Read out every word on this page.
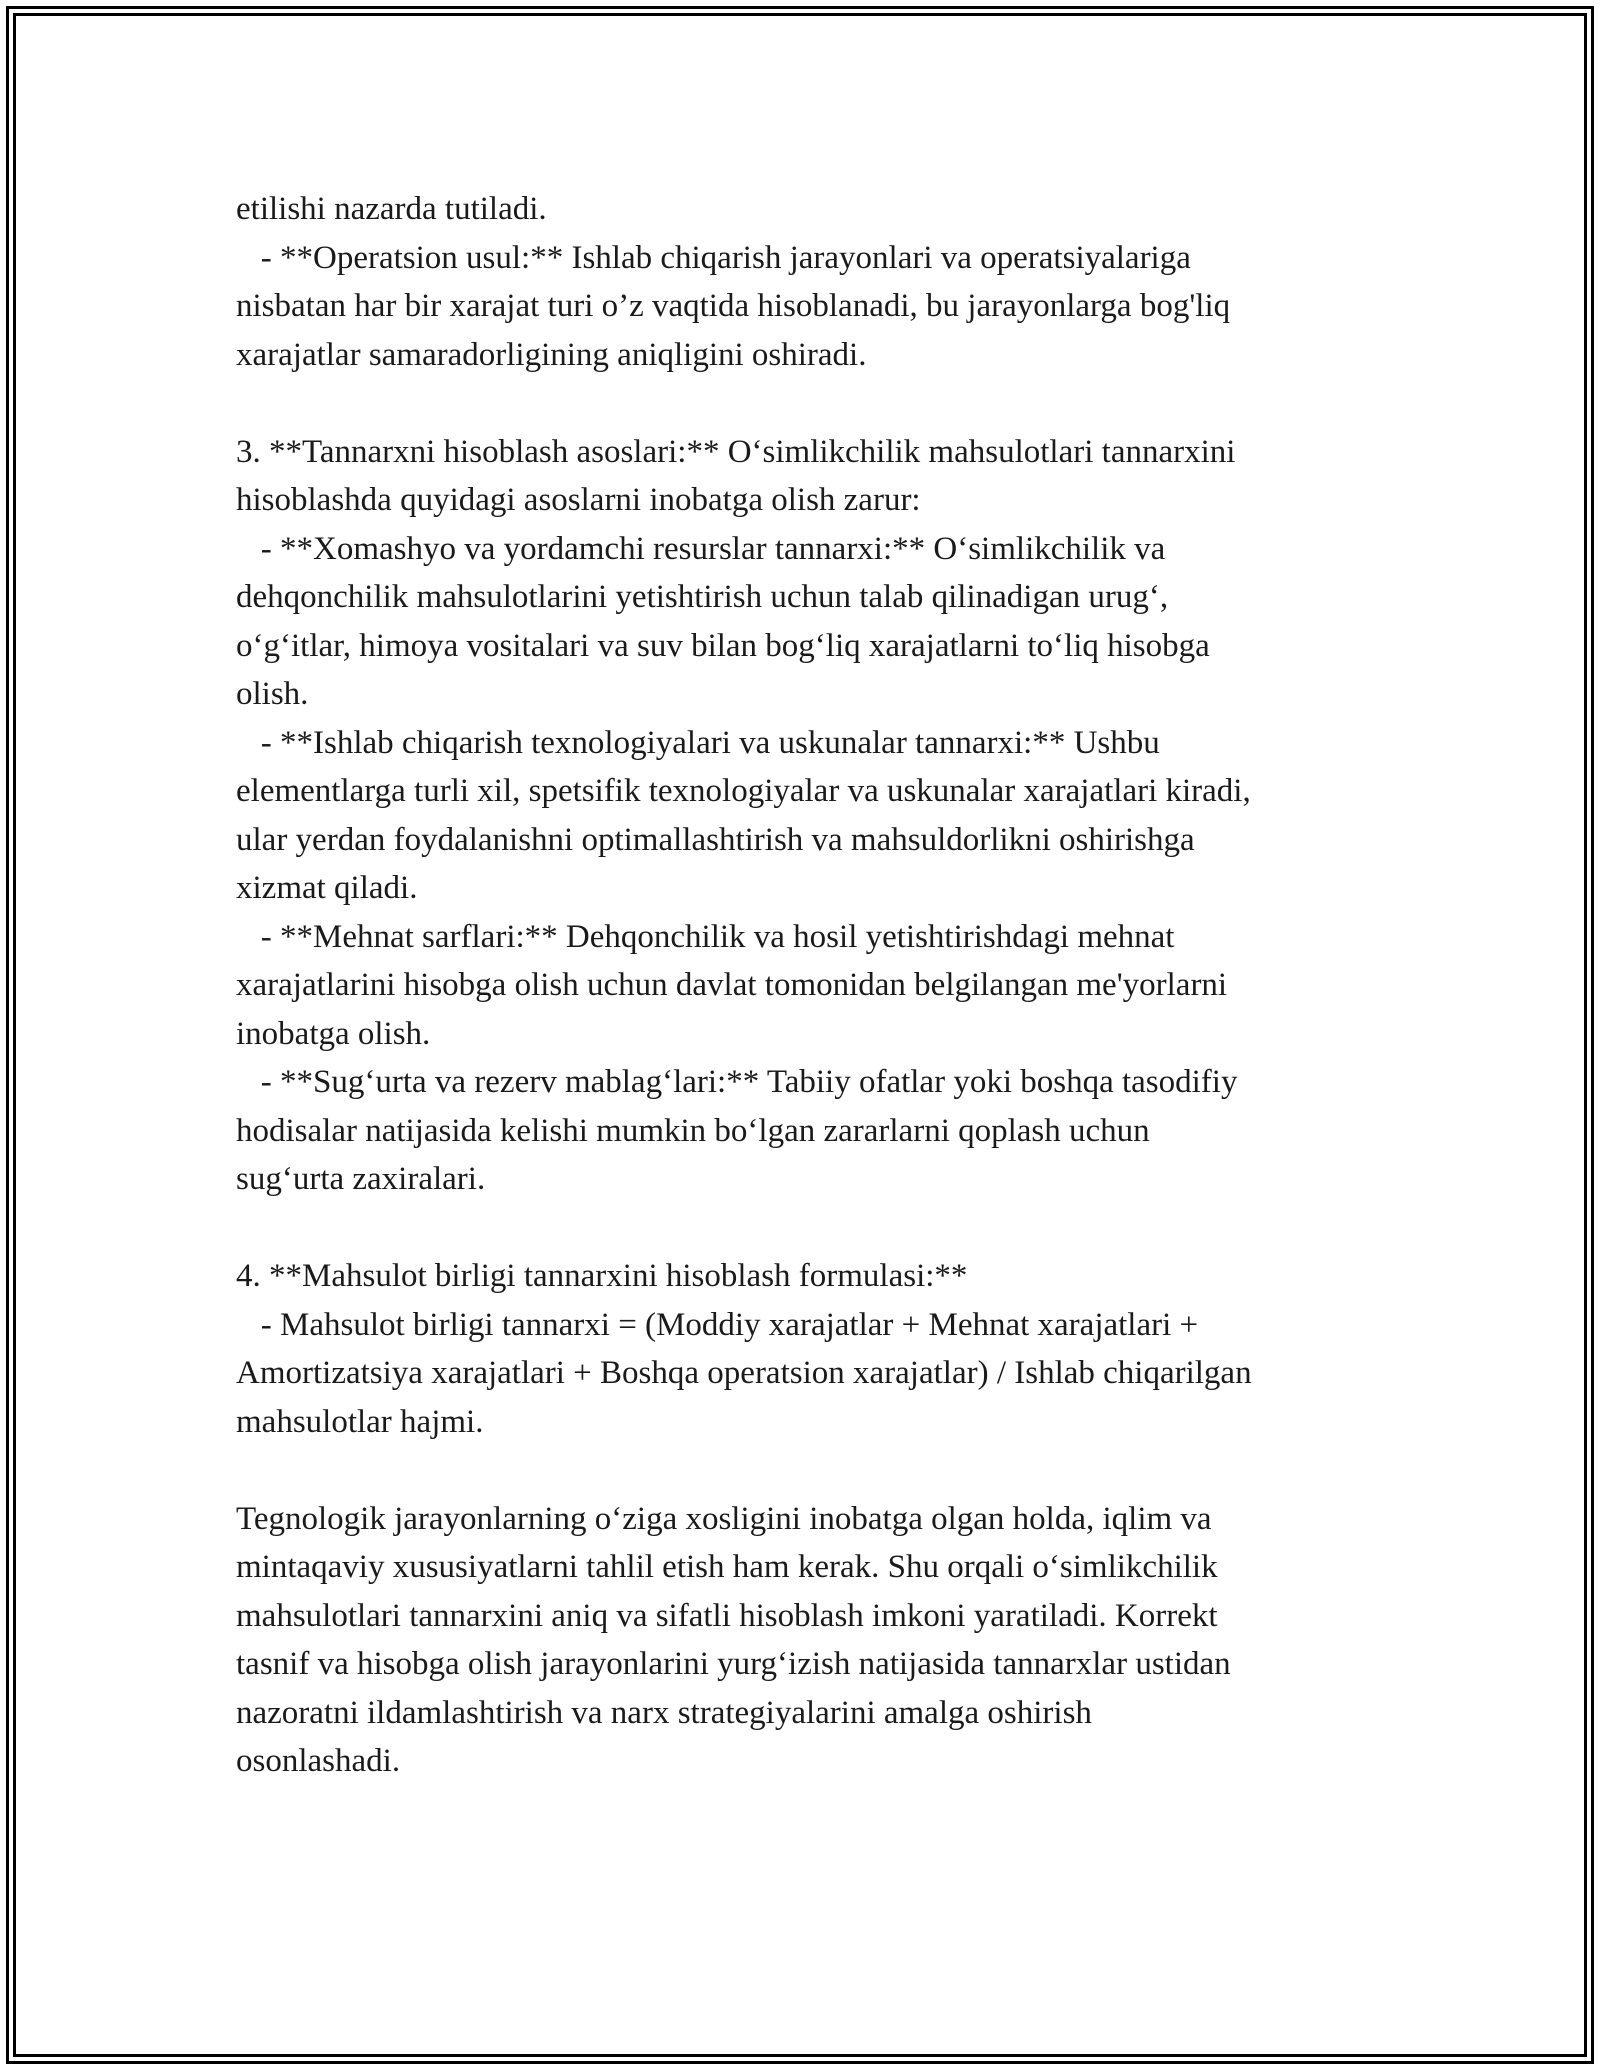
etilishi nazarda tutiladi.
- **Operatsion usul:** Ishlab chiqarish jarayonlari va operatsiyalariga
nisbatan har bir xarajat turi o’z vaqtida hisoblanadi, bu jarayonlarga bog'liq
xarajatlar samaradorligining aniqligini oshiradi.
3. **Tannarxni hisoblash asoslari:** O‘simlikchilik mahsulotlari tannarxini
hisoblashda quyidagi asoslarni inobatga olish zarur:
- **Xomashyo va yordamchi resurslar tannarxi:** O‘simlikchilik va
dehqonchilik mahsulotlarini yetishtirish uchun talab qilinadigan urug‘,
o‘g‘itlar, himoya vositalari va suv bilan bog‘liq xarajatlarni to‘liq hisobga
olish.
- **Ishlab chiqarish texnologiyalari va uskunalar tannarxi:** Ushbu
elementlarga turli xil, spetsifik texnologiyalar va uskunalar xarajatlari kiradi,
ular yerdan foydalanishni optimallashtirish va mahsuldorlikni oshirishga
xizmat qiladi.
- **Mehnat sarflari:** Dehqonchilik va hosil yetishtirishdagi mehnat
xarajatlarini hisobga olish uchun davlat tomonidan belgilangan me'yorlarni
inobatga olish.
- **Sug‘urta va rezerv mablag‘lari:** Tabiiy ofatlar yoki boshqa tasodifiy
hodisalar natijasida kelishi mumkin bo‘lgan zararlarni qoplash uchun
sug‘urta zaxiralari.
4. **Mahsulot birligi tannarxini hisoblash formulasi:**
- Mahsulot birligi tannarxi = (Moddiy xarajatlar + Mehnat xarajatlari +
Amortizatsiya xarajatlari + Boshqa operatsion xarajatlar) / Ishlab chiqarilgan
mahsulotlar hajmi.
Tegnologik jarayonlarning o‘ziga xosligini inobatga olgan holda, iqlim va
mintaqaviy xususiyatlarni tahlil etish ham kerak. Shu orqali o‘simlikchilik
mahsulotlari tannarxini aniq va sifatli hisoblash imkoni yaratiladi. Korrekt
tasnif va hisobga olish jarayonlarini yurg‘izish natijasida tannarxlar ustidan
nazoratni ildamlashtirish va narx strategiyalarini amalga oshirish
osonlashadi.
